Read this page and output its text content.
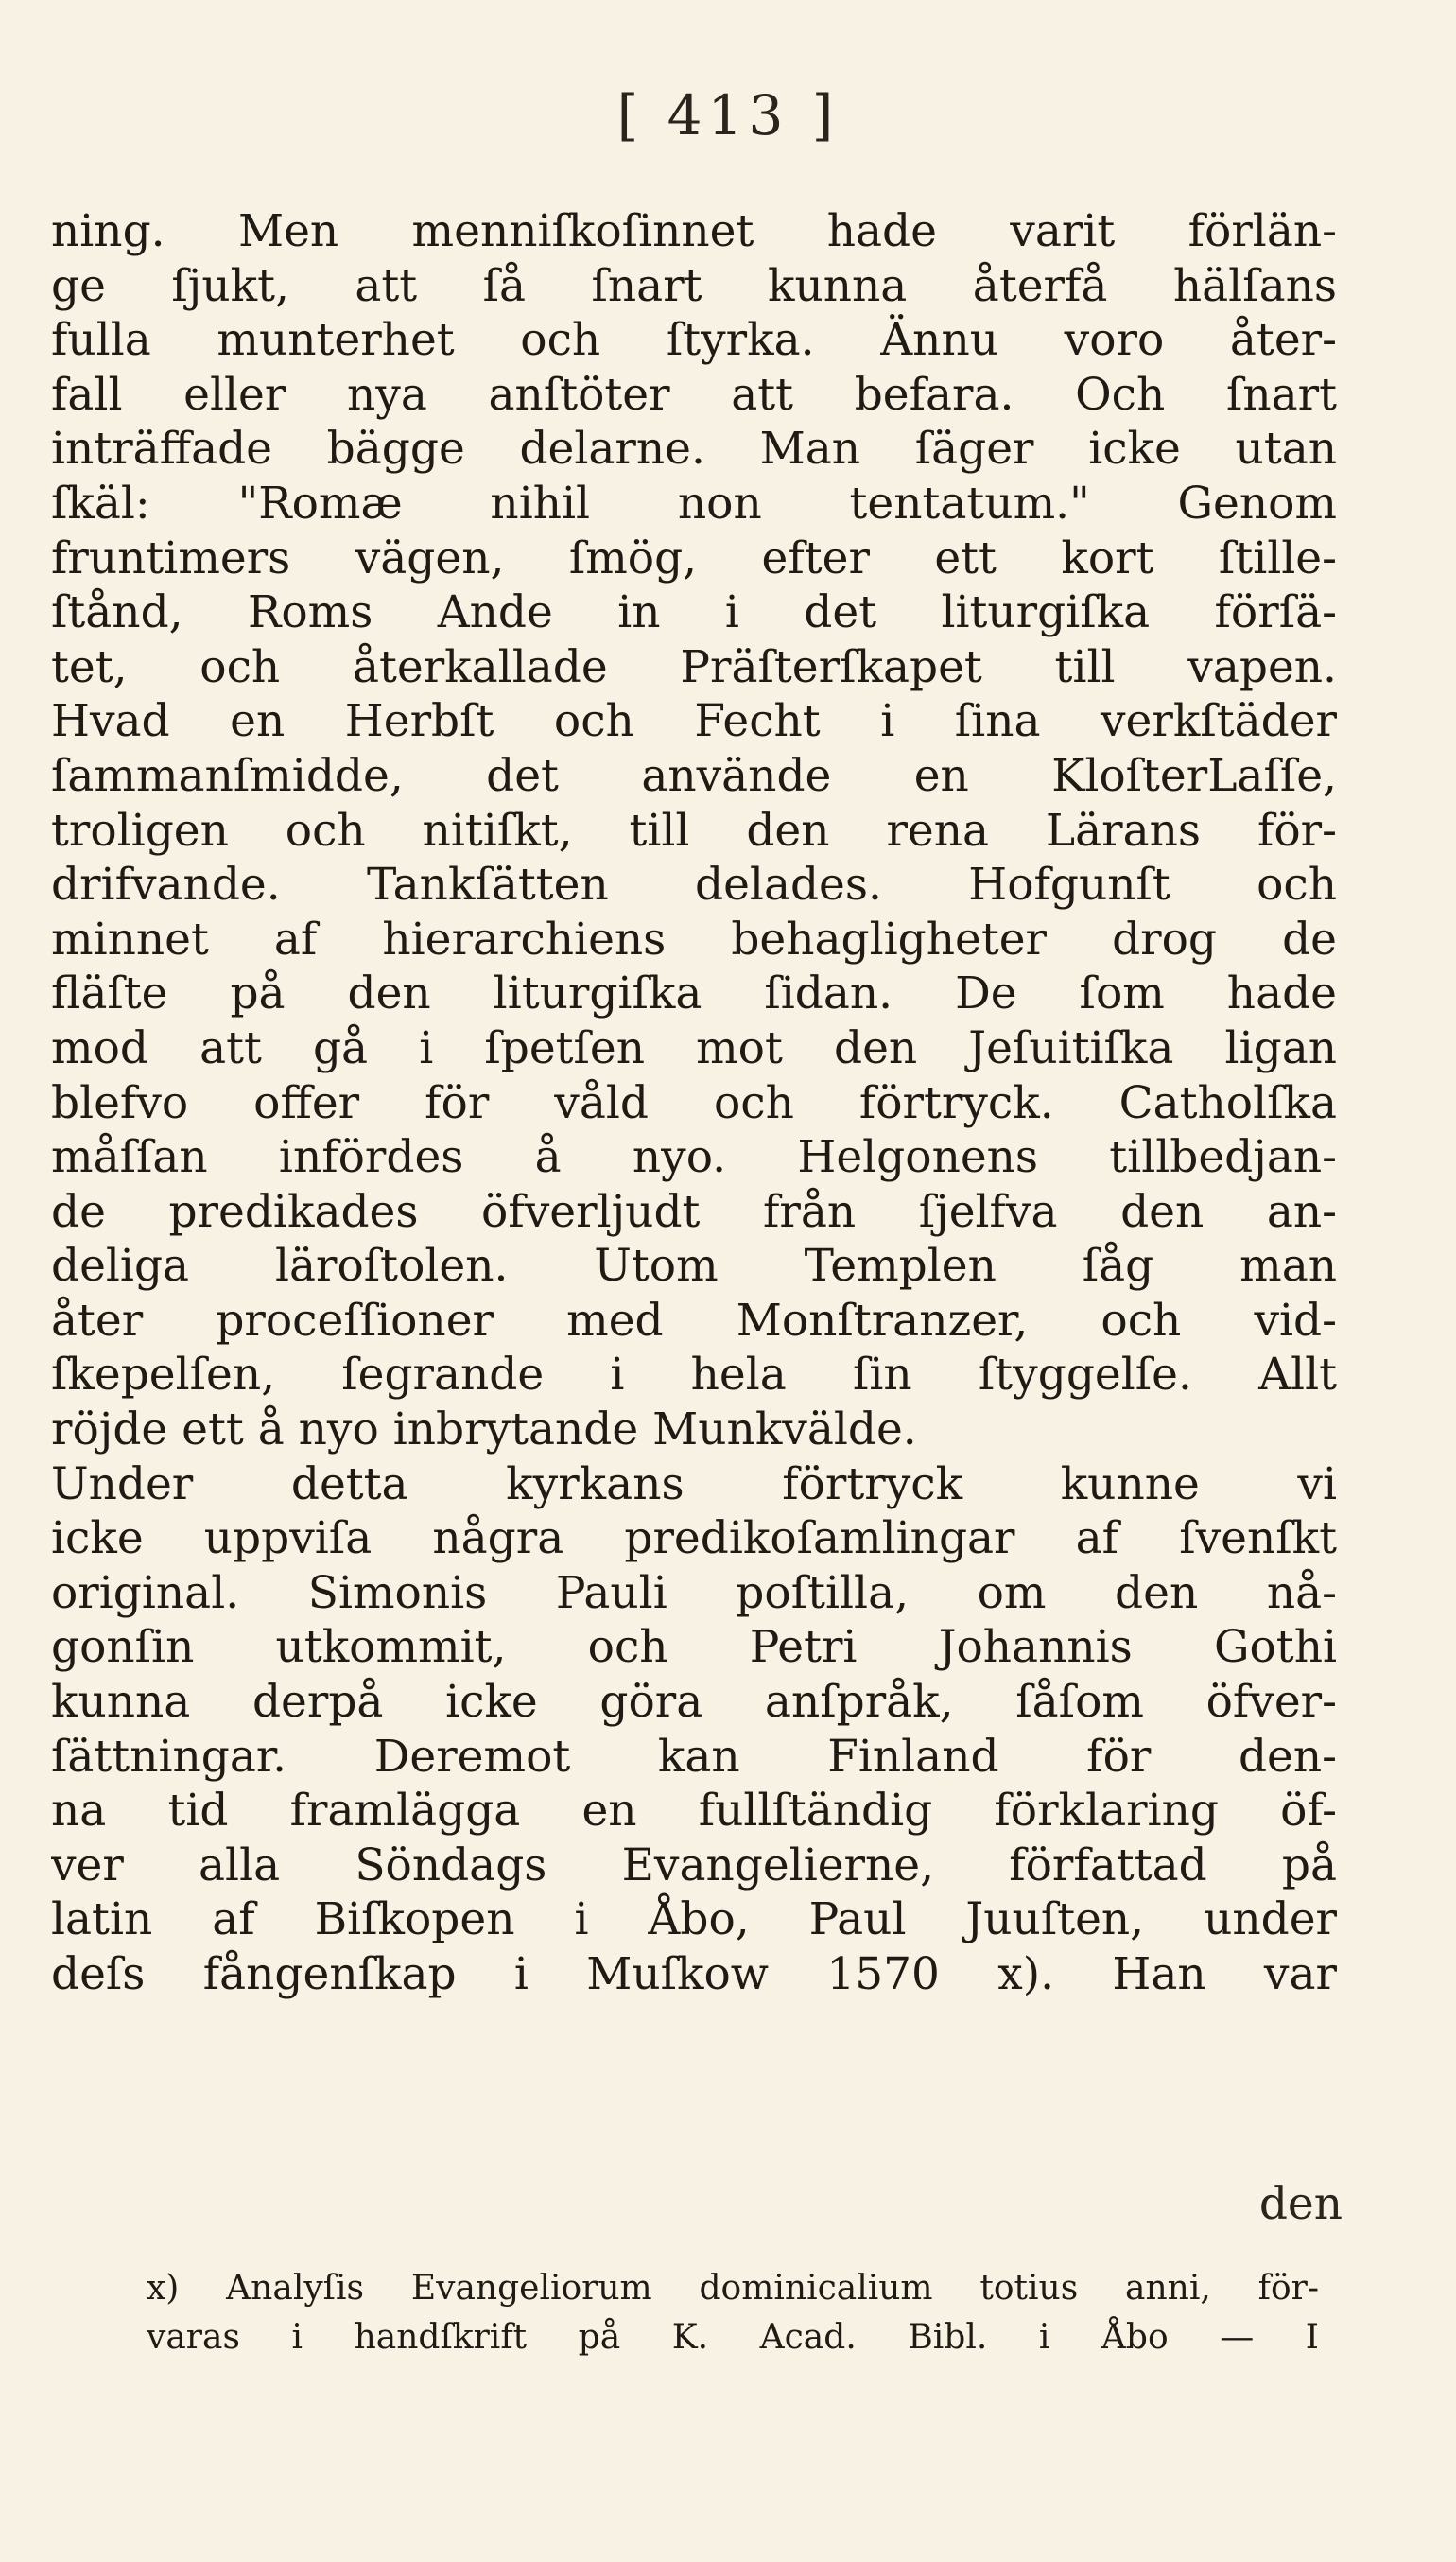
[ 413 ]
ning. Men menniſkoſinnet hade varit förlän-
ge ſjukt, att ſå ſnart kunna återfå hälſans
fulla munterhet och ſtyrka. Ännu voro åter-
fall eller nya anſtöter att befara. Och ſnart
inträffade bägge delarne. Man ſäger icke utan
ſkäl: "Romæ nihil non tentatum." Genom
fruntimers vägen, ſmög, efter ett kort ſtille-
ſtånd, Roms Ande in i det liturgiſka förſä-
tet, och återkallade Präſterſkapet till vapen.
Hvad en Herbſt och Fecht i ſina verkſtäder
ſammanſmidde, det använde en KloſterLaſſe,
troligen och nitiſkt, till den rena Lärans för-
drifvande. Tankſätten delades. Hofgunſt och
minnet af hierarchiens behagligheter drog de
fläſte på den liturgiſka ſidan. De ſom hade
mod att gå i ſpetſen mot den Jeſuitiſka ligan
blefvo offer för våld och förtryck. Catholſka
måſſan infördes å nyo. Helgonens tillbedjan-
de predikades öfverljudt från ſjelfva den an-
deliga läroſtolen. Utom Templen ſåg man
åter proceſſioner med Monſtranzer, och vid-
ſkepelſen, ſegrande i hela ſin ſtyggelſe. Allt
röjde ett å nyo inbrytande Munkvälde.
Under detta kyrkans förtryck kunne vi
icke uppviſa några predikoſamlingar af ſvenſkt
original. Simonis Pauli poſtilla, om den nå-
gonſin utkommit, och Petri Johannis Gothi
kunna derpå icke göra anſpråk, ſåſom öfver-
ſättningar. Deremot kan Finland för den-
na tid framlägga en fullſtändig förklaring öf-
ver alla Söndags Evangelierne, författad på
latin af Biſkopen i Åbo, Paul Juuſten, under
deſs fångenſkap i Muſkow 1570 x). Han var
den
x) Analyſis Evangeliorum dominicalium totius anni, för-
varas i handſkrift på K. Acad. Bibl. i Åbo — I
